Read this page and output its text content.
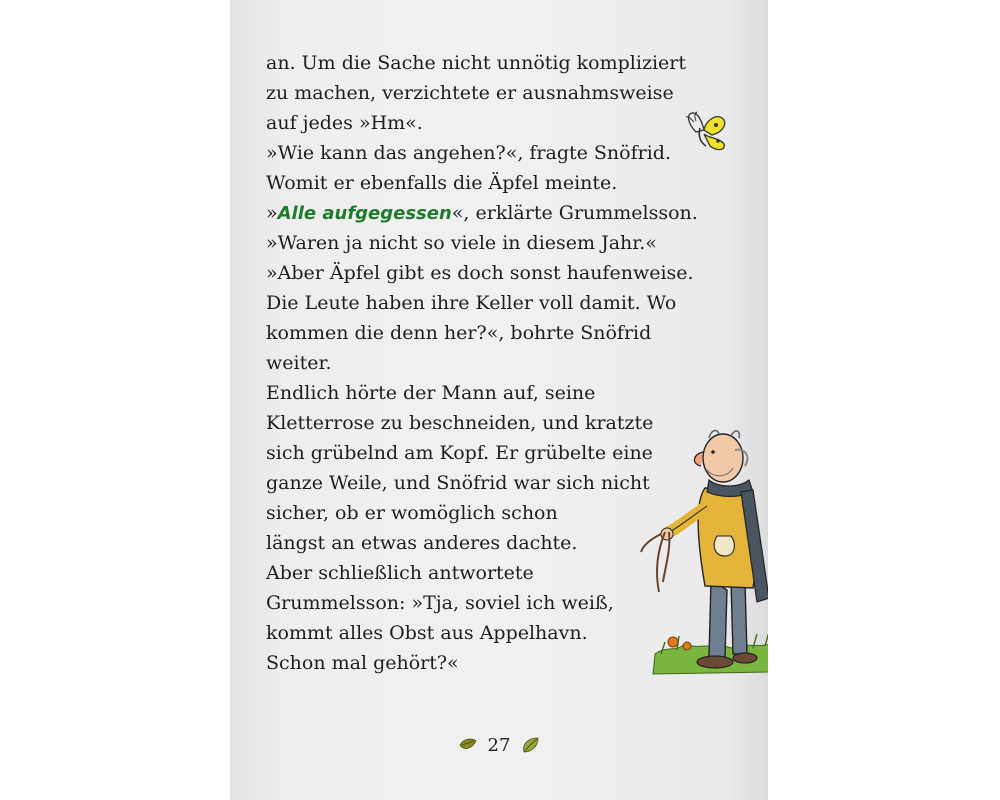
an. Um die Sache nicht unnötig kompliziert
zu machen, verzichtete er ausnahmsweise
auf jedes »Hm«.
»Wie kann das angehen?«, fragte Snöfrid.
Womit er ebenfalls die Äpfel meinte.
»Alle aufgegessen«, erklärte Grummelsson.
»Waren ja nicht so viele in diesem Jahr.«
»Aber Äpfel gibt es doch sonst haufenweise.
Die Leute haben ihre Keller voll damit. Wo
kommen die denn her?«, bohrte Snöfrid
weiter.
Endlich hörte der Mann auf, seine
Kletterrose zu beschneiden, und kratzte
sich grübelnd am Kopf. Er grübelte eine
ganze Weile, und Snöfrid war sich nicht
sicher, ob er womöglich schon
längst an etwas anderes dachte.
Aber schließlich antwortete
Grummelsson: »Tja, soviel ich weiß,
kommt alles Obst aus Appelhavn.
Schon mal gehört?«
27
